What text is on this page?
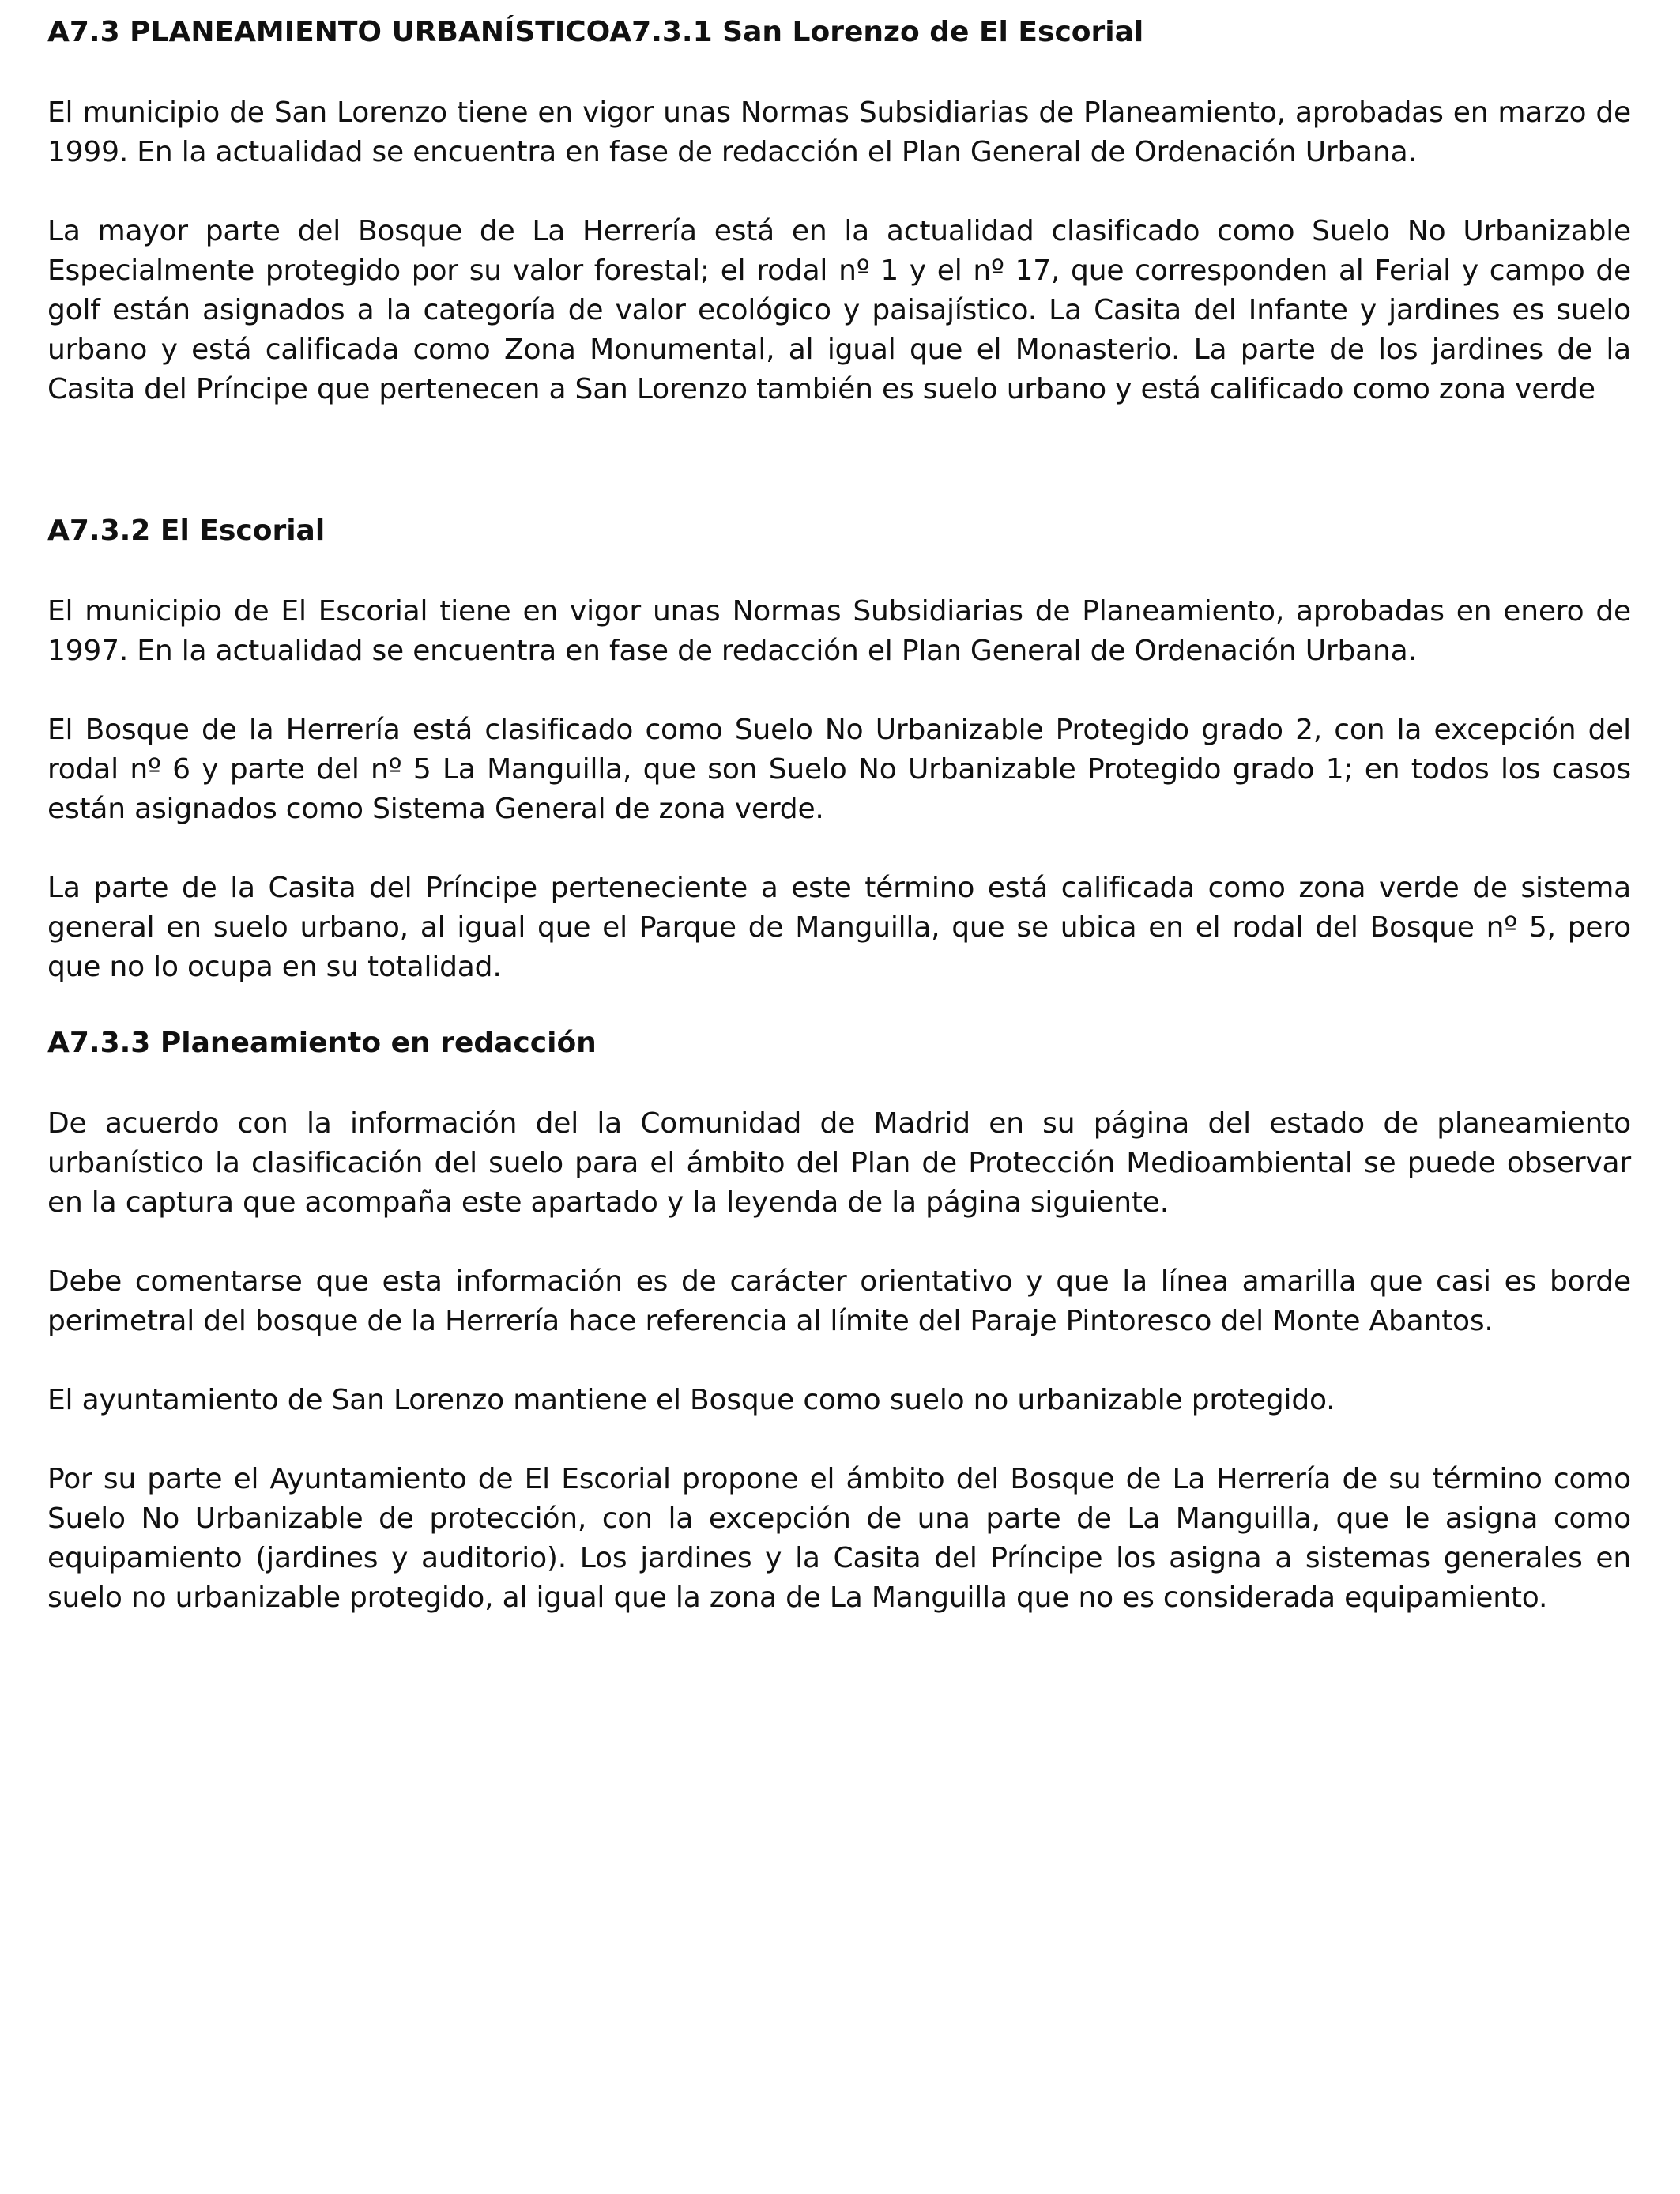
A7.3 PLANEAMIENTO URBANÍSTICOA7.3.1 San Lorenzo de El Escorial

El municipio de San Lorenzo tiene en vigor unas Normas Subsidiarias de Planeamiento, aprobadas en marzo de 1999. En la actualidad se encuentra en fase de redacción el Plan General de Ordenación Urbana.

La mayor parte del Bosque de La Herrería está en la actualidad clasificado como Suelo No Urbanizable Especialmente protegido por su valor forestal; el rodal nº 1 y el nº 17, que corresponden al Ferial y campo de golf están asignados a la categoría de valor ecológico y paisajístico. La Casita del Infante y jardines es suelo urbano y está calificada como Zona Monumental, al igual que el Monasterio. La parte de los jardines de la Casita del Príncipe que pertenecen a San Lorenzo también es suelo urbano y está calificado como zona verde

A7.3.2 El Escorial

El municipio de El Escorial tiene en vigor unas Normas Subsidiarias de Planeamiento, aprobadas en enero de 1997. En la actualidad se encuentra en fase de redacción el Plan General de Ordenación Urbana.

El Bosque de la Herrería está clasificado como Suelo No Urbanizable Protegido grado 2, con la excepción del rodal nº 6 y parte del nº 5 La Manguilla, que son Suelo No Urbanizable Protegido grado 1; en todos los casos están asignados como Sistema General de zona verde.

La parte de la Casita del Príncipe perteneciente a este término está calificada como zona verde de sistema general en suelo urbano, al igual que el Parque de Manguilla, que se ubica en el rodal del Bosque nº 5, pero que no lo ocupa en su totalidad.

A7.3.3 Planeamiento en redacción

De acuerdo con la información del la Comunidad de Madrid en su página del estado de planeamiento urbanístico la clasificación del suelo para el ámbito del Plan de Protección Medioambiental se puede observar en la captura que acompaña este apartado y la leyenda de la página siguiente.

Debe comentarse que esta información es de carácter orientativo y que la línea amarilla que casi es borde perimetral del bosque de la Herrería hace referencia al límite del Paraje Pintoresco del Monte Abantos.

El ayuntamiento de San Lorenzo mantiene el Bosque como suelo no urbanizable protegido.

Por su parte el Ayuntamiento de El Escorial propone el ámbito del Bosque de La Herrería de su término como Suelo No Urbanizable de protección, con la excepción de una parte de La Manguilla, que le asigna como equipamiento (jardines y auditorio). Los jardines y la Casita del Príncipe los asigna a sistemas generales en suelo no urbanizable protegido, al igual que la zona de La Manguilla que no es considerada equipamiento.
